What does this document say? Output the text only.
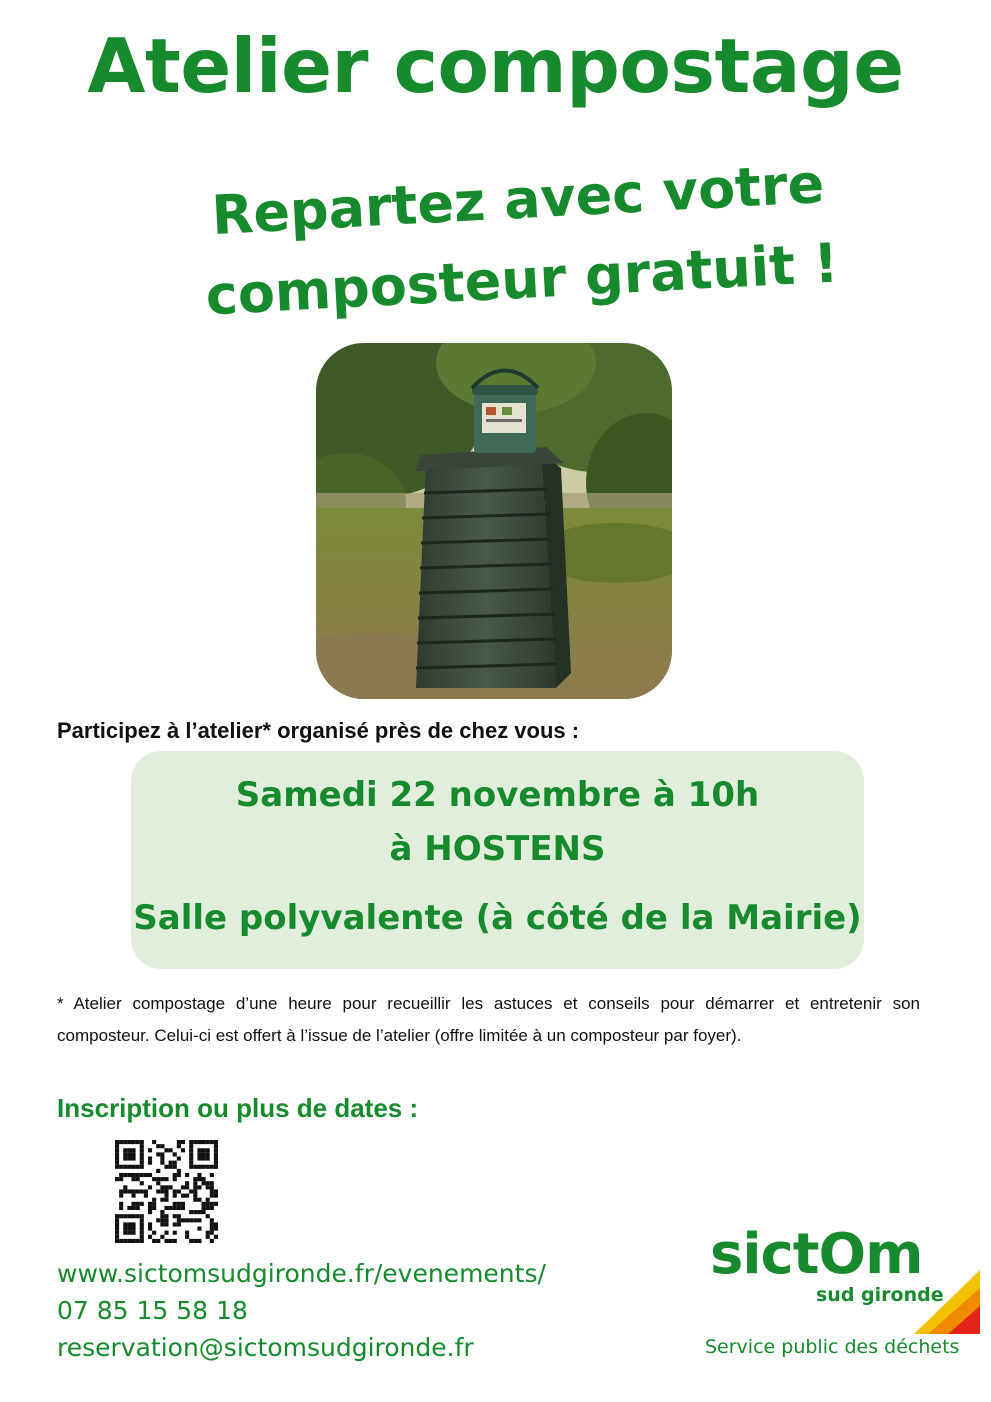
Atelier compostage
Repartez avec votre
composteur gratuit !
Participez à l’atelier* organisé près de chez vous :
Samedi 22 novembre à 10h
à HOSTENS
Salle polyvalente (à côté de la Mairie)
* Atelier compostage d’une heure pour recueillir les astuces et conseils pour démarrer et entretenir son composteur. Celui-ci est offert à l’issue de l’atelier (offre limitée à un composteur par foyer).
Inscription ou plus de dates :
www.sictomsudgironde.fr/evenements/
07 85 15 58 18
reservation@sictomsudgironde.fr
sictOm
sud gironde
Service public des déchets
